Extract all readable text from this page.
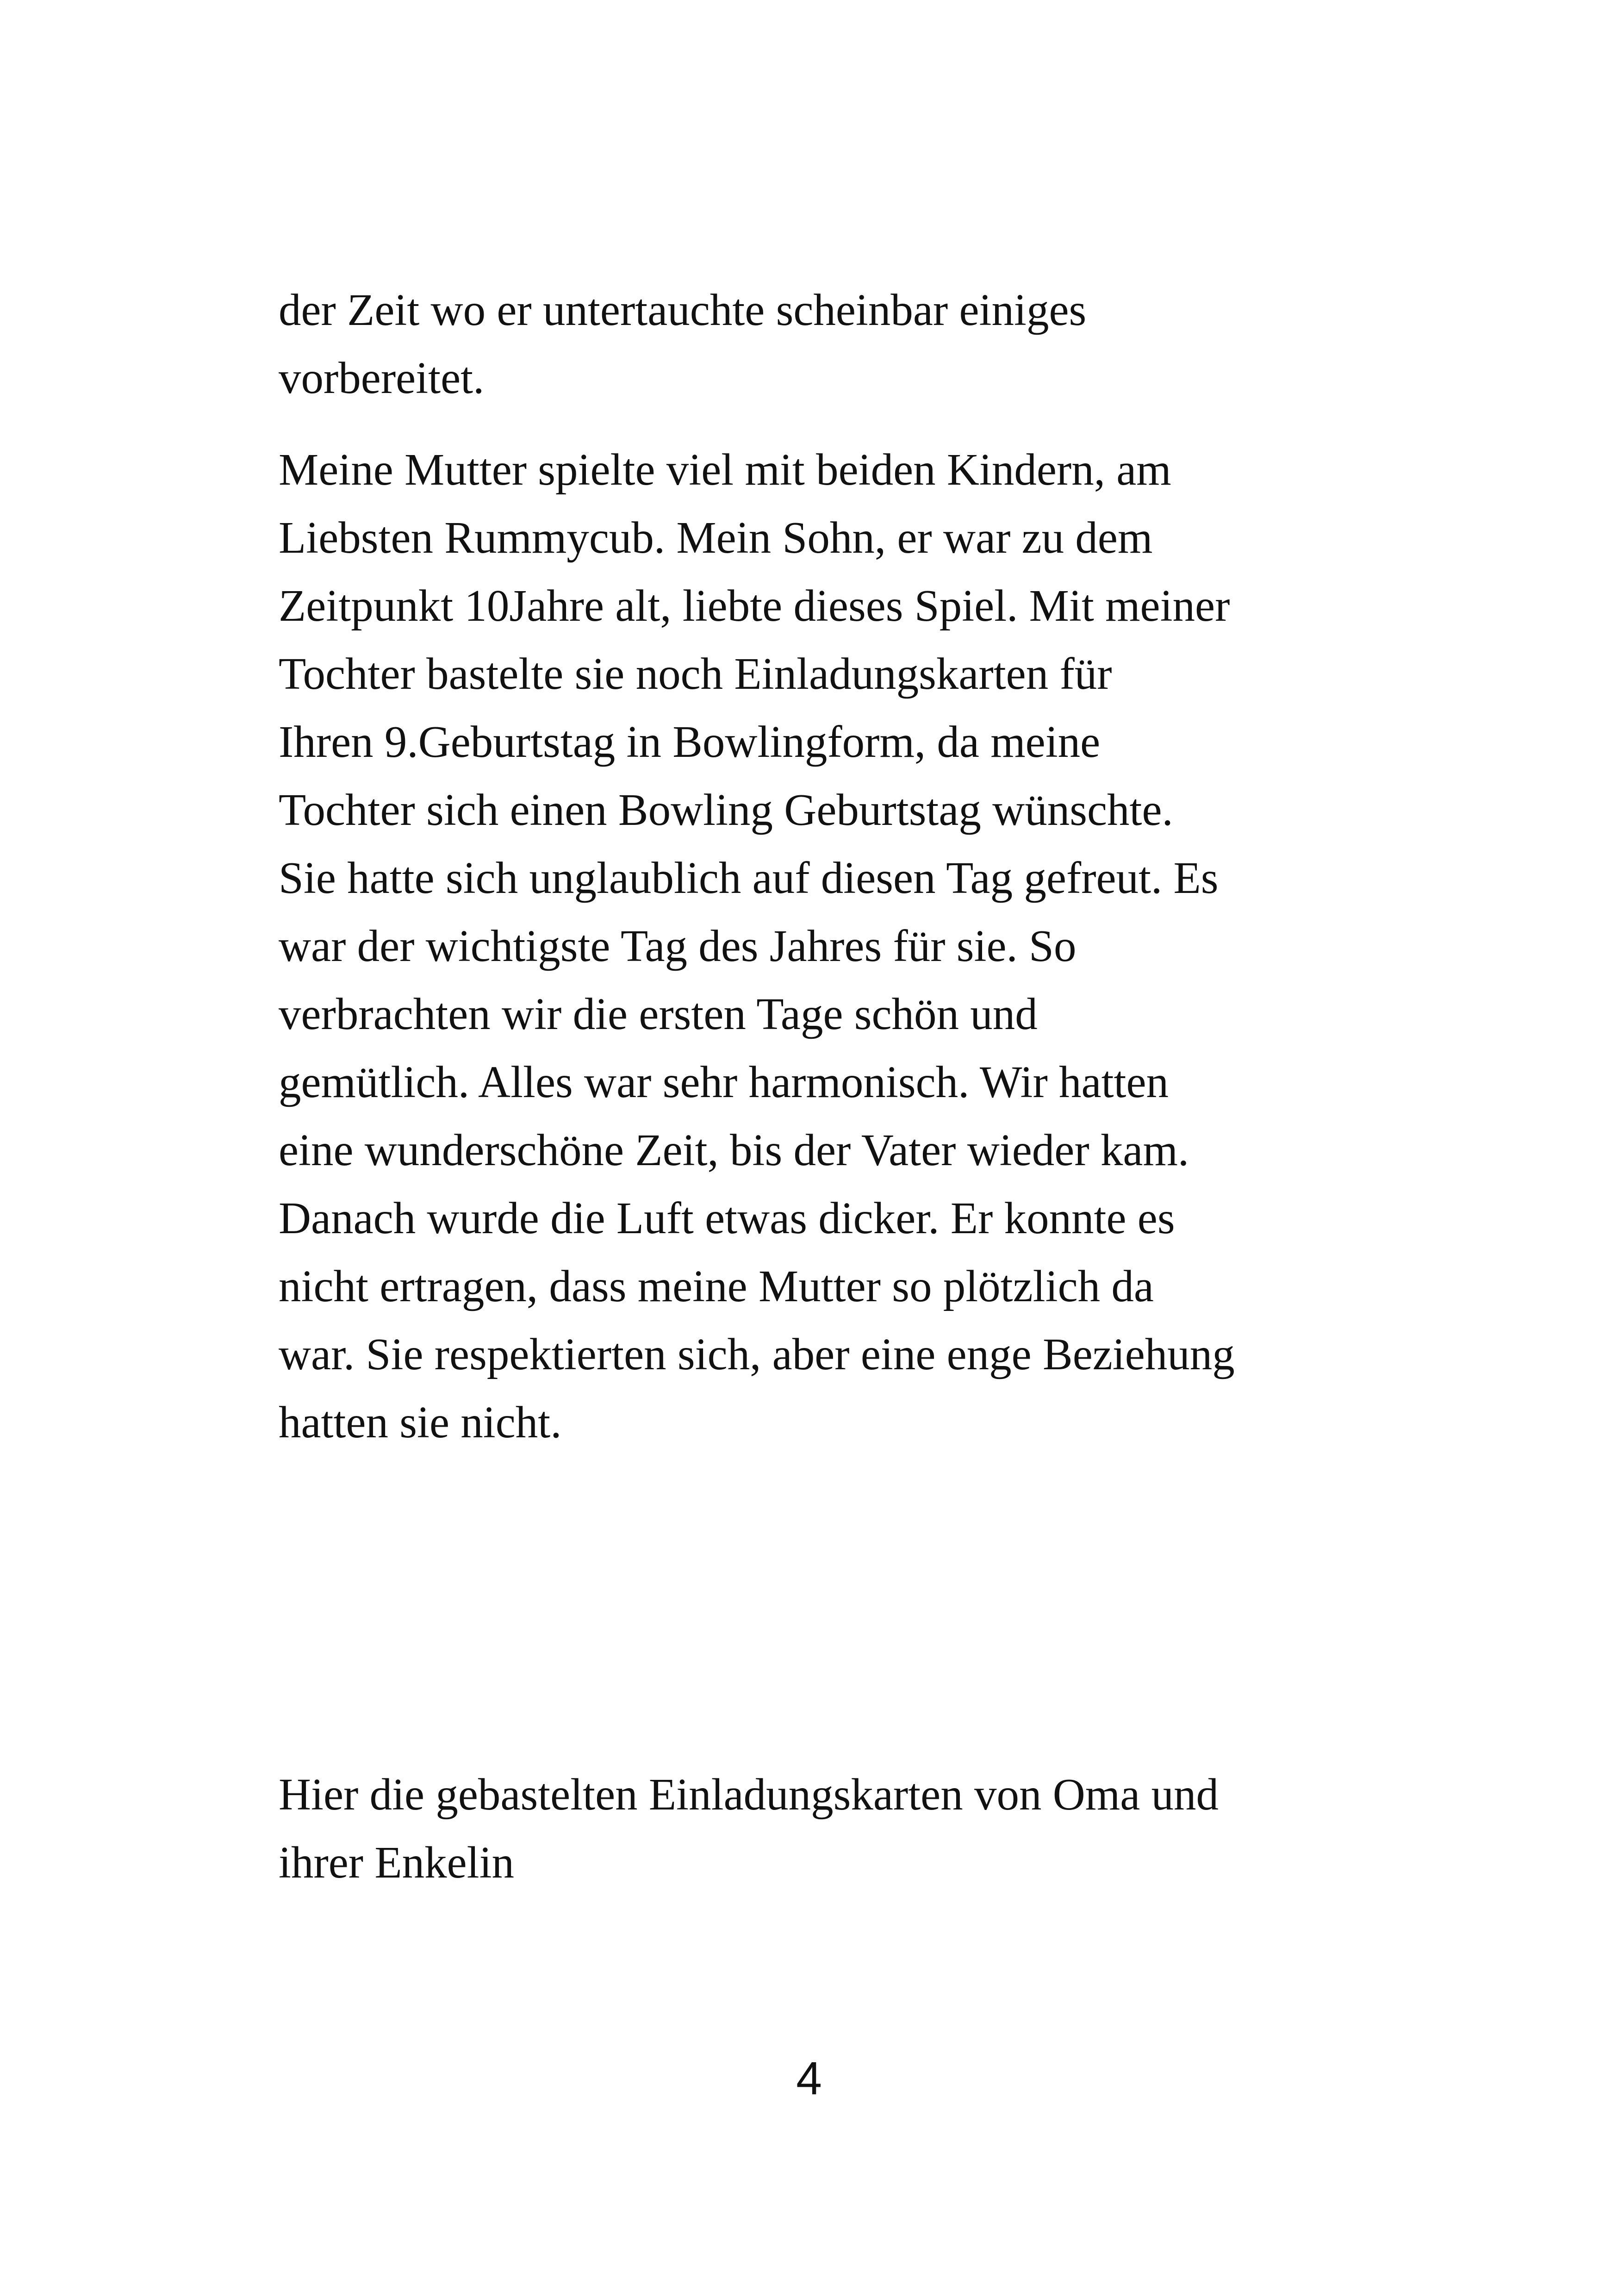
der Zeit wo er untertauchte scheinbar einiges
vorbereitet.
Meine Mutter spielte viel mit beiden Kindern, am
Liebsten Rummycub. Mein Sohn, er war zu dem
Zeitpunkt 10Jahre alt, liebte dieses Spiel. Mit meiner
Tochter bastelte sie noch Einladungskarten für
Ihren 9.Geburtstag in Bowlingform, da meine
Tochter sich einen Bowling Geburtstag wünschte.
Sie hatte sich unglaublich auf diesen Tag gefreut. Es
war der wichtigste Tag des Jahres für sie. So
verbrachten wir die ersten Tage schön und
gemütlich. Alles war sehr harmonisch. Wir hatten
eine wunderschöne Zeit, bis der Vater wieder kam.
Danach wurde die Luft etwas dicker. Er konnte es
nicht ertragen, dass meine Mutter so plötzlich da
war. Sie respektierten sich, aber eine enge Beziehung
hatten sie nicht.
Hier die gebastelten Einladungskarten von Oma und
ihrer Enkelin
4
